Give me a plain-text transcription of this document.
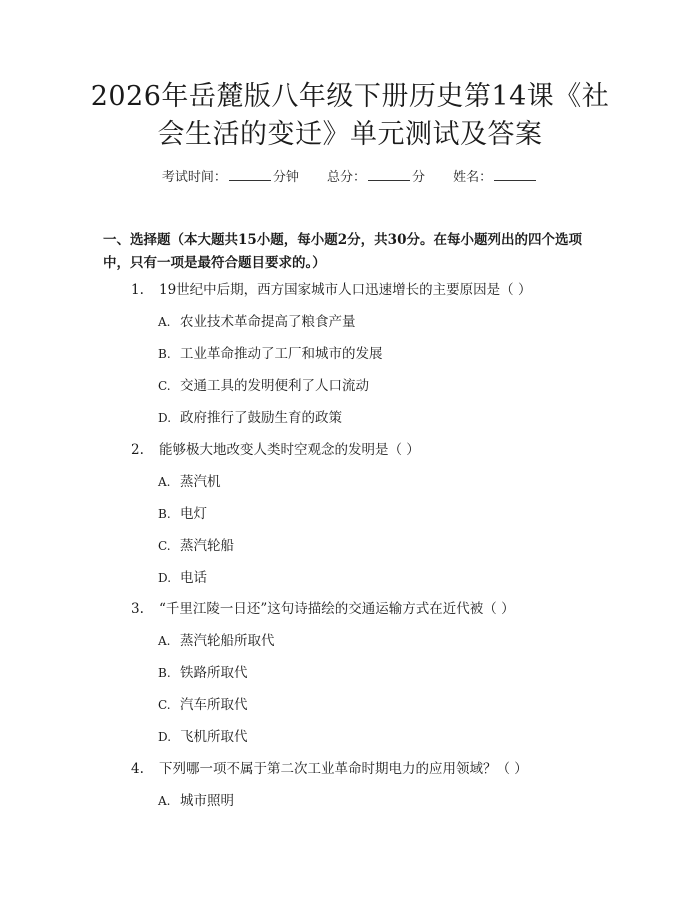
2026年岳麓版八年级下册历史第14课《社会生活的变迁》单元测试及答案
考试时间：	分钟 总分：	分 姓名：

一、选择题（本大题共15小题，每小题2分，共30分。在每小题列出的四个选项中，只有一项是最符合题目要求的。）

1. 19世纪中后期，西方国家城市人口迅速增长的主要原因是（ ）
A. 农业技术革命提高了粮食产量
B. 工业革命推动了工厂和城市的发展
C. 交通工具的发明便利了人口流动
D. 政府推行了鼓励生育的政策
2. 能够极大地改变人类时空观念的发明是（ ）
A. 蒸汽机
B. 电灯
C. 蒸汽轮船
D. 电话
3. “千里江陵一日还”这句诗描绘的交通运输方式在近代被（ ）
A. 蒸汽轮船所取代
B. 铁路所取代
C. 汽车所取代
D. 飞机所取代
4. 下列哪一项不属于第二次工业革命时期电力的应用领域？（ ）
A. 城市照明
